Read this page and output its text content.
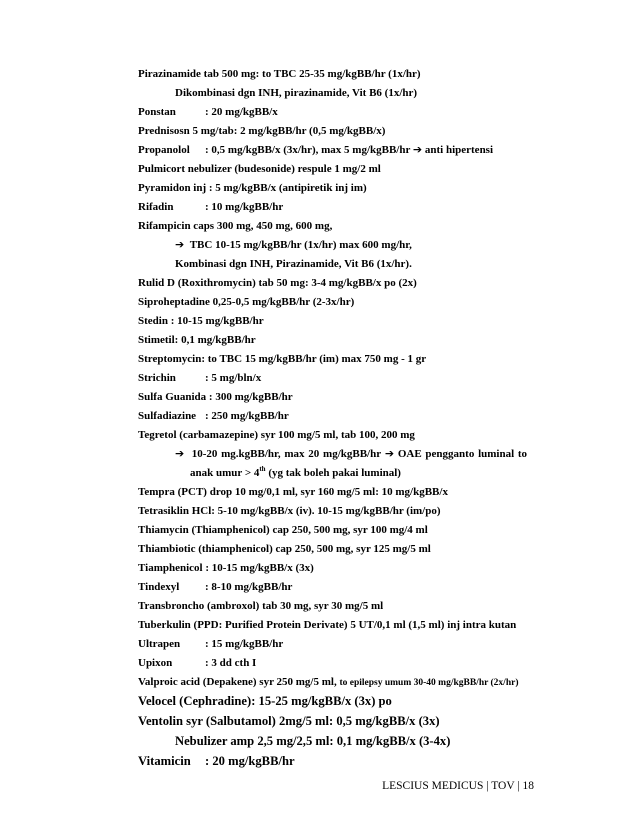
Pirazinamide tab 500 mg: to TBC 25-35 mg/kgBB/hr (1x/hr)
Dikombinasi dgn INH, pirazinamide, Vit B6 (1x/hr)
Ponstan	: 20 mg/kgBB/x
Prednisosn 5 mg/tab: 2 mg/kgBB/hr (0,5 mg/kgBB/x)
Propanolol : 0,5 mg/kgBB/x (3x/hr), max 5 mg/kgBB/hr ➔ anti hipertensi
Pulmicort nebulizer (budesonide) respule 1 mg/2 ml
Pyramidon inj : 5 mg/kgBB/x (antipiretik inj im)
Rifadin	: 10 mg/kgBB/hr
Rifampicin caps 300 mg, 450 mg, 600 mg,
➔ TBC 10-15 mg/kgBB/hr (1x/hr) max 600 mg/hr,
Kombinasi dgn INH, Pirazinamide, Vit B6 (1x/hr).
Rulid D (Roxithromycin) tab 50 mg: 3-4 mg/kgBB/x po (2x)
Siproheptadine 0,25-0,5 mg/kgBB/hr (2-3x/hr)
Stedin : 10-15 mg/kgBB/hr
Stimetil: 0,1 mg/kgBB/hr
Streptomycin: to TBC 15 mg/kgBB/hr (im) max 750 mg - 1 gr
Strichin	: 5 mg/bln/x
Sulfa Guanida : 300 mg/kgBB/hr
Sulfadiazine : 250 mg/kgBB/hr
Tegretol (carbamazepine) syr 100 mg/5 ml, tab 100, 200 mg
➔ 10-20 mg.kgBB/hr, max 20 mg/kgBB/hr ➔ OAE pengganto luminal to
anak umur > 4th (yg tak boleh pakai luminal)
Tempra (PCT) drop 10 mg/0,1 ml, syr 160 mg/5 ml: 10 mg/kgBB/x
Tetrasiklin HCl: 5-10 mg/kgBB/x (iv). 10-15 mg/kgBB/hr (im/po)
Thiamycin (Thiamphenicol) cap 250, 500 mg, syr 100 mg/4 ml
Thiambiotic (thiamphenicol) cap 250, 500 mg, syr 125 mg/5 ml
Tiamphenicol : 10-15 mg/kgBB/x (3x)
Tindexyl : 8-10 mg/kgBB/hr
Transbroncho (ambroxol) tab 30 mg, syr 30 mg/5 ml
Tuberkulin (PPD: Purified Protein Derivate) 5 UT/0,1 ml (1,5 ml) inj intra kutan
Ultrapen : 15 mg/kgBB/hr
Upixon	: 3 dd cth I
Valproic acid (Depakene) syr 250 mg/5 ml, to epilepsy umum 30-40 mg/kgBB/hr (2x/hr)
Velocel (Cephradine): 15-25 mg/kgBB/x (3x) po
Ventolin syr (Salbutamol) 2mg/5 ml: 0,5 mg/kgBB/x (3x)
Nebulizer amp 2,5 mg/2,5 ml: 0,1 mg/kgBB/x (3-4x)
Vitamicin : 20 mg/kgBB/hr
LESCIUS MEDICUS | TOV | 18
